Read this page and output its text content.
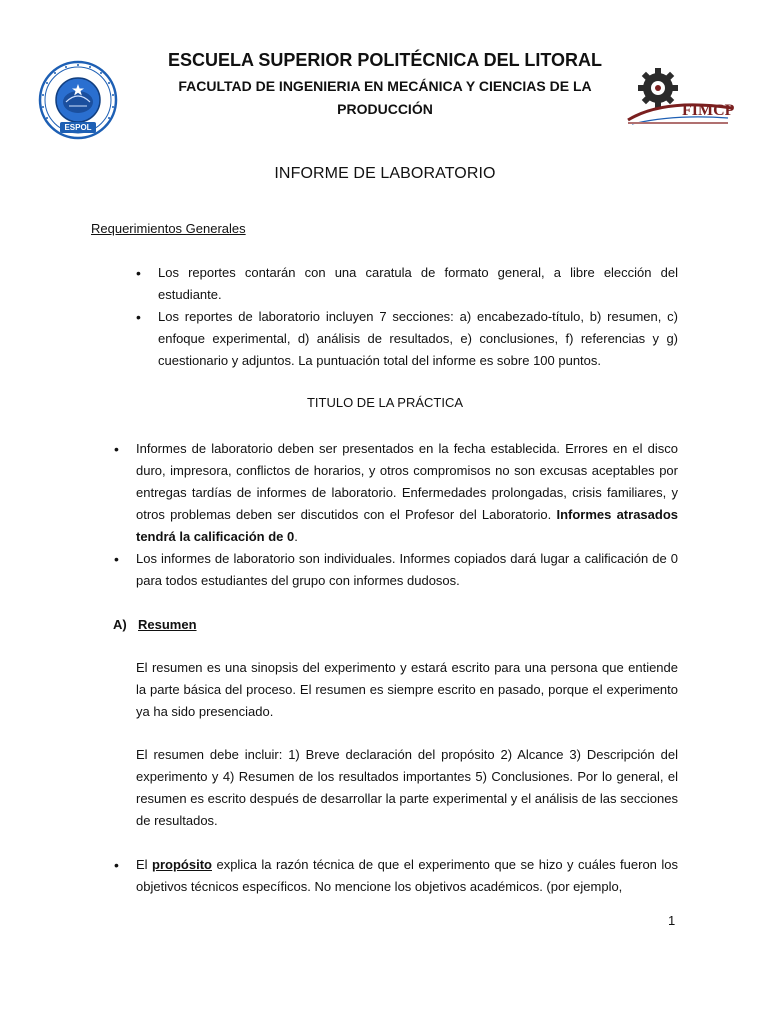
ESPOL
FIMCP
ESCUELA SUPERIOR POLITÉCNICA DEL LITORAL
FACULTAD DE INGENIERIA EN MECÁNICA Y CIENCIAS DE LA
PRODUCCIÓN
INFORME DE LABORATORIO
Requerimientos Generales
• Los reportes contarán con una caratula de formato general, a libre elección del estudiante.
• Los reportes de laboratorio incluyen 7 secciones: a) encabezado-título, b) resumen, c) enfoque experimental, d) análisis de resultados, e) conclusiones, f) referencias y g) cuestionario y adjuntos. La puntuación total del informe es sobre 100 puntos.
TITULO DE LA PRÁCTICA
• Informes de laboratorio deben ser presentados en la fecha establecida. Errores en el disco duro, impresora, conflictos de horarios, y otros compromisos no son excusas aceptables por entregas tardías de informes de laboratorio. Enfermedades prolongadas, crisis familiares, y otros problemas deben ser discutidos con el Profesor del Laboratorio. Informes atrasados tendrá la calificación de 0.
• Los informes de laboratorio son individuales. Informes copiados dará lugar a calificación de 0 para todos estudiantes del grupo con informes dudosos.
A) Resumen
El resumen es una sinopsis del experimento y estará escrito para una persona que entiende la parte básica del proceso. El resumen es siempre escrito en pasado, porque el experimento ya ha sido presenciado.
El resumen debe incluir: 1) Breve declaración del propósito 2) Alcance 3) Descripción del experimento y 4) Resumen de los resultados importantes 5) Conclusiones. Por lo general, el resumen es escrito después de desarrollar la parte experimental y el análisis de las secciones de resultados.
• El propósito explica la razón técnica de que el experimento que se hizo y cuáles fueron los objetivos técnicos específicos. No mencione los objetivos académicos. (por ejemplo,
1
